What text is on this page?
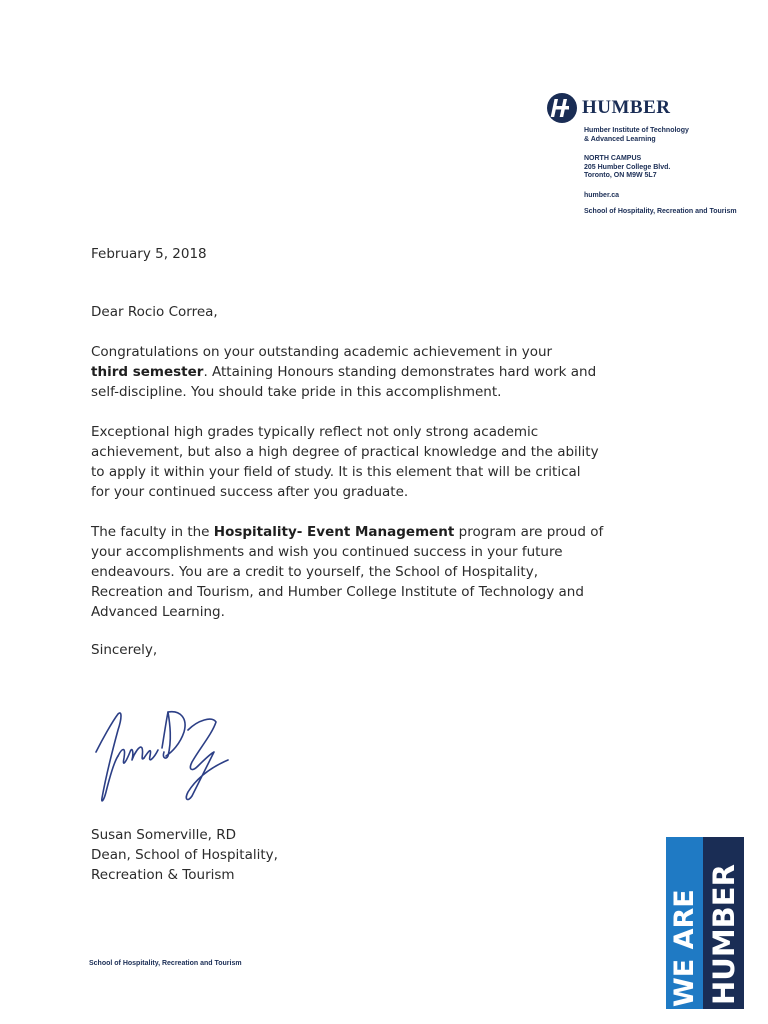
HUMBER
Humber Institute of Technology
& Advanced Learning
NORTH CAMPUS
205 Humber College Blvd.
Toronto, ON M9W 5L7
humber.ca
School of Hospitality, Recreation and Tourism
February 5, 2018
Dear Rocio Correa,
Congratulations on your outstanding academic achievement in your
third semester. Attaining Honours standing demonstrates hard work and
self-discipline. You should take pride in this accomplishment.
Exceptional high grades typically reflect not only strong academic
achievement, but also a high degree of practical knowledge and the ability
to apply it within your field of study. It is this element that will be critical
for your continued success after you graduate.
The faculty in the Hospitality- Event Management program are proud of
your accomplishments and wish you continued success in your future
endeavours. You are a credit to yourself, the School of Hospitality,
Recreation and Tourism, and Humber College Institute of Technology and
Advanced Learning.
Sincerely,
Susan Somerville, RD
Dean, School of Hospitality,
Recreation & Tourism
School of Hospitality, Recreation and Tourism	WE ARE HUMBER
